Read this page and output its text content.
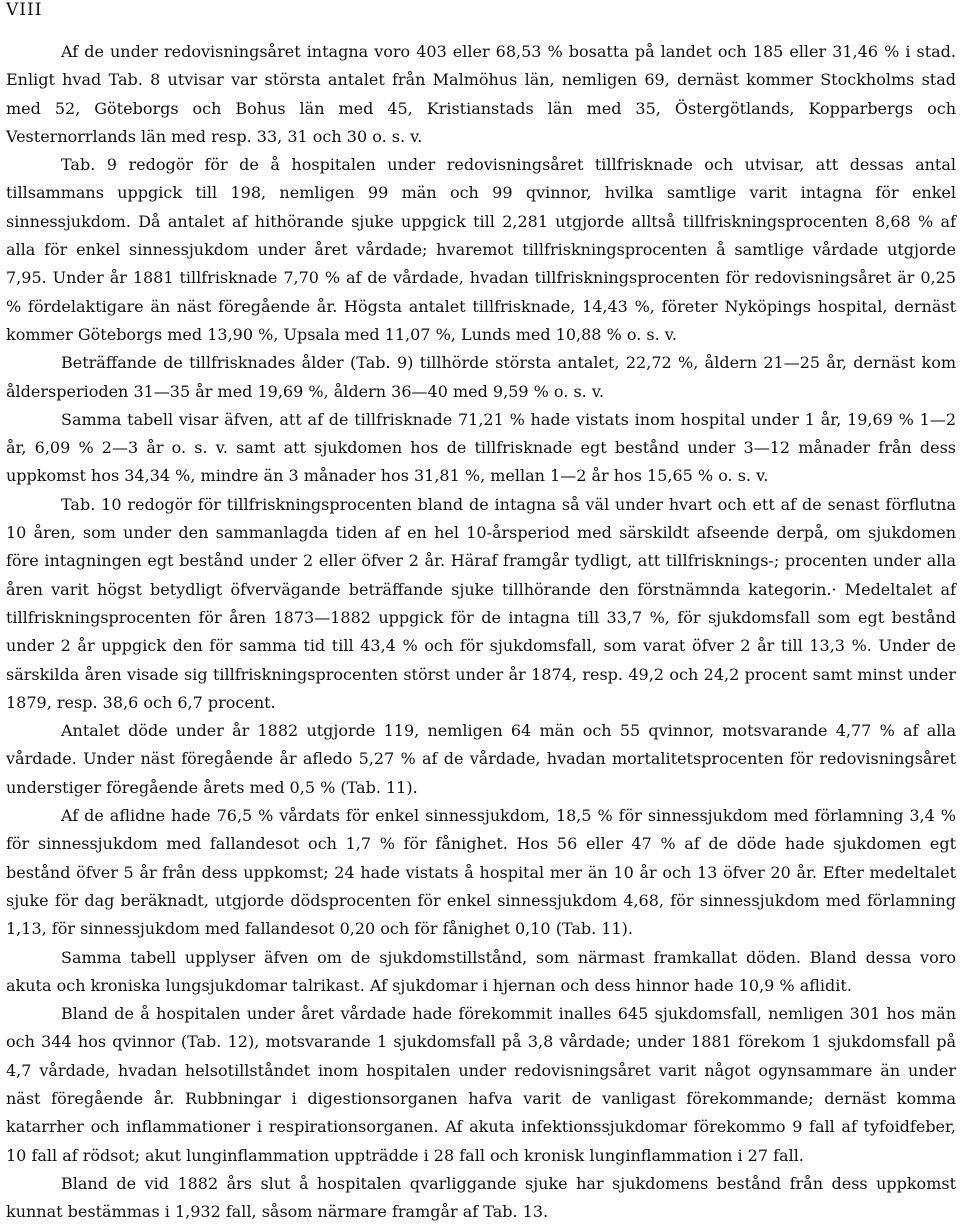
VIII

Af de under redovisningsåret intagna voro 403 eller 68,53 % bosatta på landet och 185 eller 31,46 % i stad. Enligt hvad Tab. 8 utvisar var största antalet från Malmöhus län, nemligen 69, dernäst kommer Stockholms stad med 52, Göteborgs och Bohus län med 45, Kristianstads län med 35, Östergötlands, Kopparbergs och Vesternorrlands län med resp. 33, 31 och 30 o. s. v.

Tab. 9 redogör för de å hospitalen under redovisningsåret tillfrisknade och utvisar, att dessas antal tillsammans uppgick till 198, nemligen 99 män och 99 qvinnor, hvilka samtlige varit intagna för enkel sinnessjukdom. Då antalet af hithörande sjuke uppgick till 2,281 utgjorde alltså tillfriskningsprocenten 8,68 % af alla för enkel sinnessjukdom under året vårdade; hvaremot tillfriskningsprocenten å samtlige vårdade utgjorde 7,95. Under år 1881 tillfrisknade 7,70 % af de vårdade, hvadan tillfriskningsprocenten för redovisningsåret är 0,25 % fördelaktigare än näst föregående år. Högsta antalet tillfrisknade, 14,43 %, företer Nyköpings hospital, dernäst kommer Göteborgs med 13,90 %, Upsala med 11,07 %, Lunds med 10,88 % o. s. v.

Beträffande de tillfrisknades ålder (Tab. 9) tillhörde största antalet, 22,72 %, åldern 21—25 år, dernäst kom åldersperioden 31—35 år med 19,69 %, åldern 36—40 med 9,59 % o. s. v.

Samma tabell visar äfven, att af de tillfrisknade 71,21 % hade vistats inom hospital under 1 år, 19,69 % 1—2 år, 6,09 % 2—3 år o. s. v. samt att sjukdomen hos de tillfrisknade egt bestånd under 3—12 månader från dess uppkomst hos 34,34 %, mindre än 3 månader hos 31,81 %, mellan 1—2 år hos 15,65 % o. s. v.

Tab. 10 redogör för tillfriskningsprocenten bland de intagna så väl under hvart och ett af de senast förflutna 10 åren, som under den sammanlagda tiden af en hel 10-årsperiod med särskildt afseende derpå, om sjukdomen före intagningen egt bestånd under 2 eller öfver 2 år. Häraf framgår tydligt, att tillfrisknings-; procenten under alla åren varit högst betydligt öfvervägande beträffande sjuke tillhörande den förstnämnda kategorin.· Medeltalet af tillfriskningsprocenten för åren 1873—1882 uppgick för de intagna till 33,7 %, för sjukdomsfall som egt bestånd under 2 år uppgick den för samma tid till 43,4 % och för sjukdomsfall, som varat öfver 2 år till 13,3 %. Under de särskilda åren visade sig tillfriskningsprocenten störst under år 1874, resp. 49,2 och 24,2 procent samt minst under 1879, resp. 38,6 och 6,7 procent.

Antalet döde under år 1882 utgjorde 119, nemligen 64 män och 55 qvinnor, motsvarande 4,77 % af alla vårdade. Under näst föregående år afledo 5,27 % af de vårdade, hvadan mortalitetsprocenten för redovisningsåret understiger föregående årets med 0,5 % (Tab. 11).

Af de aflidne hade 76,5 % vårdats för enkel sinnessjukdom, 18,5 % för sinnessjukdom med förlamning 3,4 % för sinnessjukdom med fallandesot och 1,7 % för fånighet. Hos 56 eller 47 % af de döde hade sjukdomen egt bestånd öfver 5 år från dess uppkomst; 24 hade vistats å hospital mer än 10 år och 13 öfver 20 år. Efter medeltalet sjuke för dag beräknadt, utgjorde dödsprocenten för enkel sinnessjukdom 4,68, för sinnessjukdom med förlamning 1,13, för sinnessjukdom med fallandesot 0,20 och för fånighet 0,10 (Tab. 11).

Samma tabell upplyser äfven om de sjukdomstillstånd, som närmast framkallat döden. Bland dessa voro akuta och kroniska lungsjukdomar talrikast. Af sjukdomar i hjernan och dess hinnor hade 10,9 % aflidit.

Bland de å hospitalen under året vårdade hade förekommit inalles 645 sjukdomsfall, nemligen 301 hos män och 344 hos qvinnor (Tab. 12), motsvarande 1 sjukdomsfall på 3,8 vårdade; under 1881 förekom 1 sjukdomsfall på 4,7 vårdade, hvadan helsotillståndet inom hospitalen under redovisningsåret varit något ogynsammare än under näst föregående år. Rubbningar i digestionsorganen hafva varit de vanligast förekommande; dernäst komma katarrher och inflammationer i respirationsorganen. Af akuta infektionssjukdomar förekommo 9 fall af tyfoidfeber, 10 fall af rödsot; akut lunginflammation uppträdde i 28 fall och kronisk lunginflammation i 27 fall.

Bland de vid 1882 års slut å hospitalen qvarliggande sjuke har sjukdomens bestånd från dess uppkomst kunnat bestämmas i 1,932 fall, såsom närmare framgår af Tab. 13.
